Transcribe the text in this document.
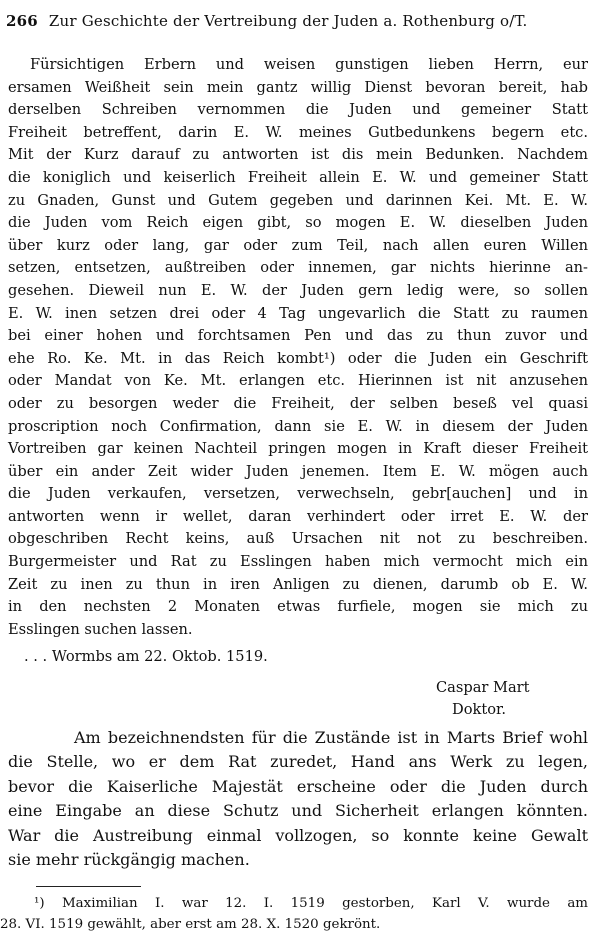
266 Zur Geschichte der Vertreibung der Juden a. Rothenburg o/T.
Fürsichtigen Erbern und weisen gunstigen lieben Herrn, eur
ersamen Weißheit sein mein gantz willig Dienst bevoran bereit, hab
derselben Schreiben vernommen die Juden und gemeiner Statt
Freiheit betreffent, darin E. W. meines Gutbedunkens begern etc.
Mit der Kurz darauf zu antworten ist dis mein Bedunken. Nachdem
die koniglich und keiserlich Freiheit allein E. W. und gemeiner Statt
zu Gnaden, Gunst und Gutem gegeben und darinnen Kei. Mt. E. W.
die Juden vom Reich eigen gibt, so mogen E. W. dieselben Juden
über kurz oder lang, gar oder zum Teil, nach allen euren Willen
setzen, entsetzen, außtreiben oder innemen, gar nichts hierinne an-
gesehen. Dieweil nun E. W. der Juden gern ledig were, so sollen
E. W. inen setzen drei oder 4 Tag ungevarlich die Statt zu raumen
bei einer hohen und forchtsamen Pen und das zu thun zuvor und
ehe Ro. Ke. Mt. in das Reich kombt¹) oder die Juden ein Geschrift
oder Mandat von Ke. Mt. erlangen etc. Hierinnen ist nit anzusehen
oder zu besorgen weder die Freiheit, der selben beseß vel quasi
proscription noch Confirmation, dann sie E. W. in diesem der Juden
Vortreiben gar keinen Nachteil pringen mogen in Kraft dieser Freiheit
über ein ander Zeit wider Juden jenemen. Item E. W. mögen auch
die Juden verkaufen, versetzen, verwechseln, gebr[auchen] und in
antworten wenn ir wellet, daran verhindert oder irret E. W. der
obgeschriben Recht keins, auß Ursachen nit not zu beschreiben.
Burgermeister und Rat zu Esslingen haben mich vermocht mich ein
Zeit zu inen zu thun in iren Anligen zu dienen, darumb ob E. W.
in den nechsten 2 Monaten etwas furfiele, mogen sie mich zu
Esslingen suchen lassen.
. . . Wormbs am 22. Oktob. 1519.
Caspar Mart
Doktor.
Am bezeichnendsten für die Zustände ist in Marts Brief wohl
die Stelle, wo er dem Rat zuredet, Hand ans Werk zu legen,
bevor die Kaiserliche Majestät erscheine oder die Juden durch
eine Eingabe an diese Schutz und Sicherheit erlangen könnten.
War die Austreibung einmal vollzogen, so konnte keine Gewalt
sie mehr rückgängig machen.
¹) Maximilian I. war 12. I. 1519 gestorben, Karl V. wurde am
28. VI. 1519 gewählt, aber erst am 28. X. 1520 gekrönt.
